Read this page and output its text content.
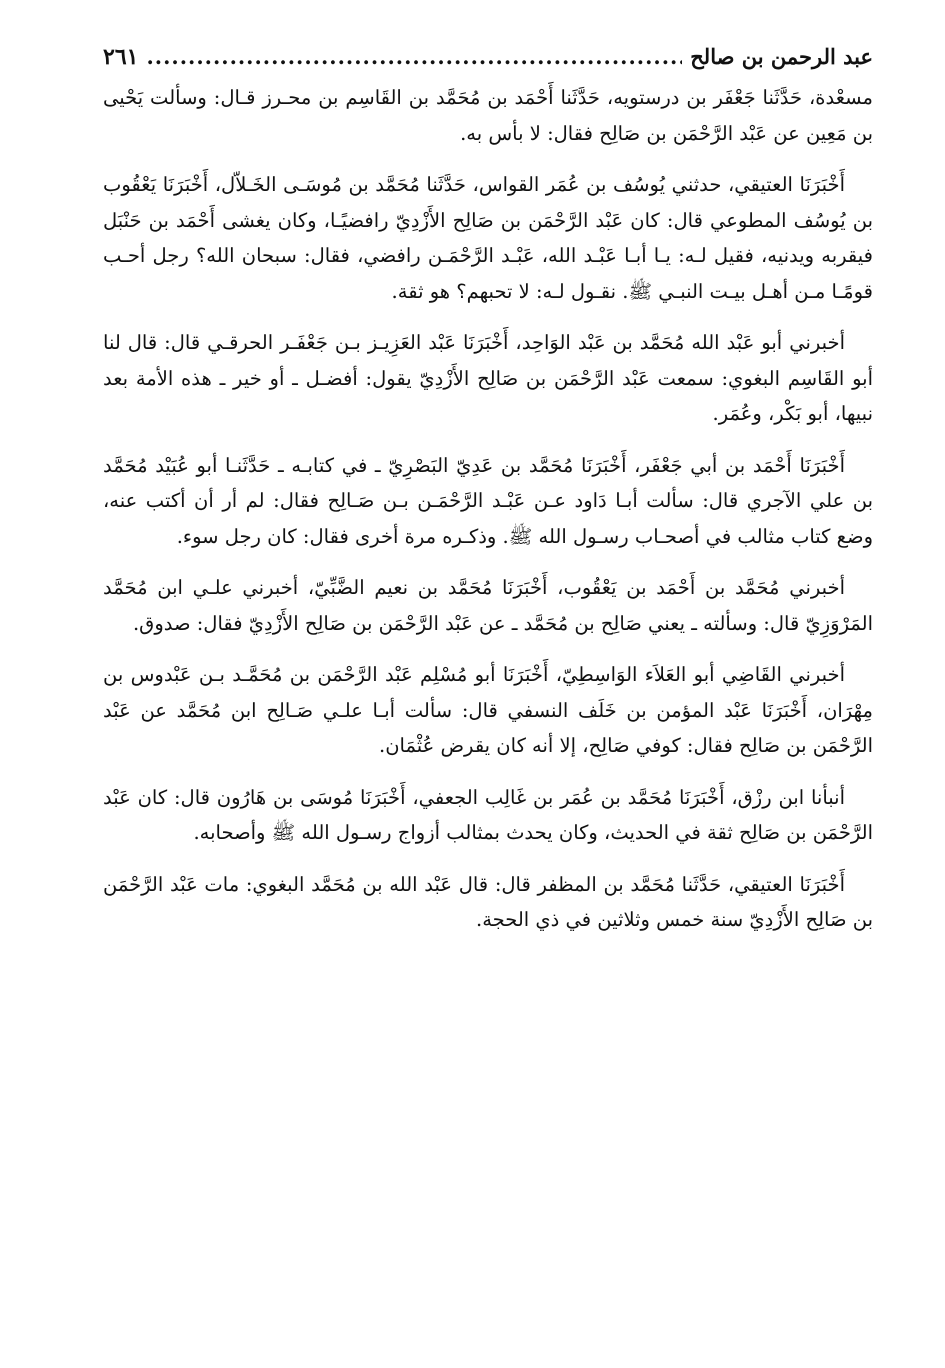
عبد الرحمن بن صالح
.....
٢٦١

مسعْدة، حَدَّثَنا جَعْفَر بن درستويه، حَدَّثَنا أَحْمَد بن مُحَمَّد بن القَاسِم بن محـرز قـال: وسألت يَحْيى بن مَعِين عن عَبْد الرَّحْمَن بن صَالِح فقال: لا بأس به.

أَخْبَرَنَا العتيقي، حدثني يُوسُف بن عُمَر القواس، حَدَّثَنا مُحَمَّد بن مُوسَـى الخَـلاّل، أَخْبَرَنَا يَعْقُوب بن يُوسُف المطوعي قال: كان عَبْد الرَّحْمَن بن صَالِح الأَزْدِيّ رافضيًـا، وكان يغشى أَحْمَد بن حَنْبَل فيقربه ويدنيه، فقيل لـه: يـا أبـا عَبْـد الله، عَبْـد الرَّحْمَـن رافضي، فقال: سبحان الله؟ رجل أحـب قومًـا مـن أهـل بيـت النبـي ﷺ. نقـول لـه: لا تحبهم؟ هو ثقة.

أخبرني أبو عَبْد الله مُحَمَّد بن عَبْد الوَاحِد، أَخْبَرَنَا عَبْد العَزِيـز بـن جَعْفَـر الحرقـي قال: قال لنا أبو القَاسِم البغوي: سمعت عَبْد الرَّحْمَن بن صَالِح الأَزْدِيّ يقول: أفضـل ـ أو خير ـ هذه الأمة بعد نبيها، أبو بَكْر، وعُمَر.

أَخْبَرَنَا أَحْمَد بن أبي جَعْفَر، أَخْبَرَنَا مُحَمَّد بن عَدِيّ البَصْرِيّ ـ في كتابـه ـ حَدَّثَنـا أبو عُبَيْد مُحَمَّد بن علي الآجري قال: سألت أبـا دَاود عـن عَبْـد الرَّحْمَـن بـن صَـالِح فقال: لم أر أن أكتب عنه، وضع كتاب مثالب في أصحـاب رسـول الله ﷺ. وذكـره مرة أخرى فقال: كان رجل سوء.

أخبرني مُحَمَّد بن أَحْمَد بن يَعْقُوب، أَخْبَرَنَا مُحَمَّد بن نعيم الضَّبِّيّ، أخبرني علـي ابن مُحَمَّد المَرْوَزِيّ قال: وسألته ـ يعني صَالِح بن مُحَمَّد ـ عن عَبْد الرَّحْمَن بن صَالِح الأَزْدِيّ فقال: صدوق.

أخبرني القَاضِي أبو العَلاَء الوَاسِطِيّ، أَخْبَرَنَا أبو مُسْلِم عَبْد الرَّحْمَن بن مُحَمَّـد بـن عَبْدوس بن مِهْرَان، أَخْبَرَنَا عَبْد المؤمن بن خَلَف النسفي قال: سألت أبـا علـي صَـالِح ابن مُحَمَّد عن عَبْد الرَّحْمَن بن صَالِح فقال: كوفي صَالِح، إلا أنه كان يقرض عُثْمَان.

أنبأنا ابن رزْق، أَخْبَرَنَا مُحَمَّد بن عُمَر بن غَالِب الجعفي، أَخْبَرَنَا مُوسَى بن هَارُون قال: كان عَبْد الرَّحْمَن بن صَالِح ثقة في الحديث، وكان يحدث بمثالب أزواج رسـول الله ﷺ وأصحابه.

أَخْبَرَنَا العتيقي، حَدَّثَنا مُحَمَّد بن المظفر قال: قال عَبْد الله بن مُحَمَّد البغوي: مات عَبْد الرَّحْمَن بن صَالِح الأَزْدِيّ سنة خمس وثلاثين في ذي الحجة.
